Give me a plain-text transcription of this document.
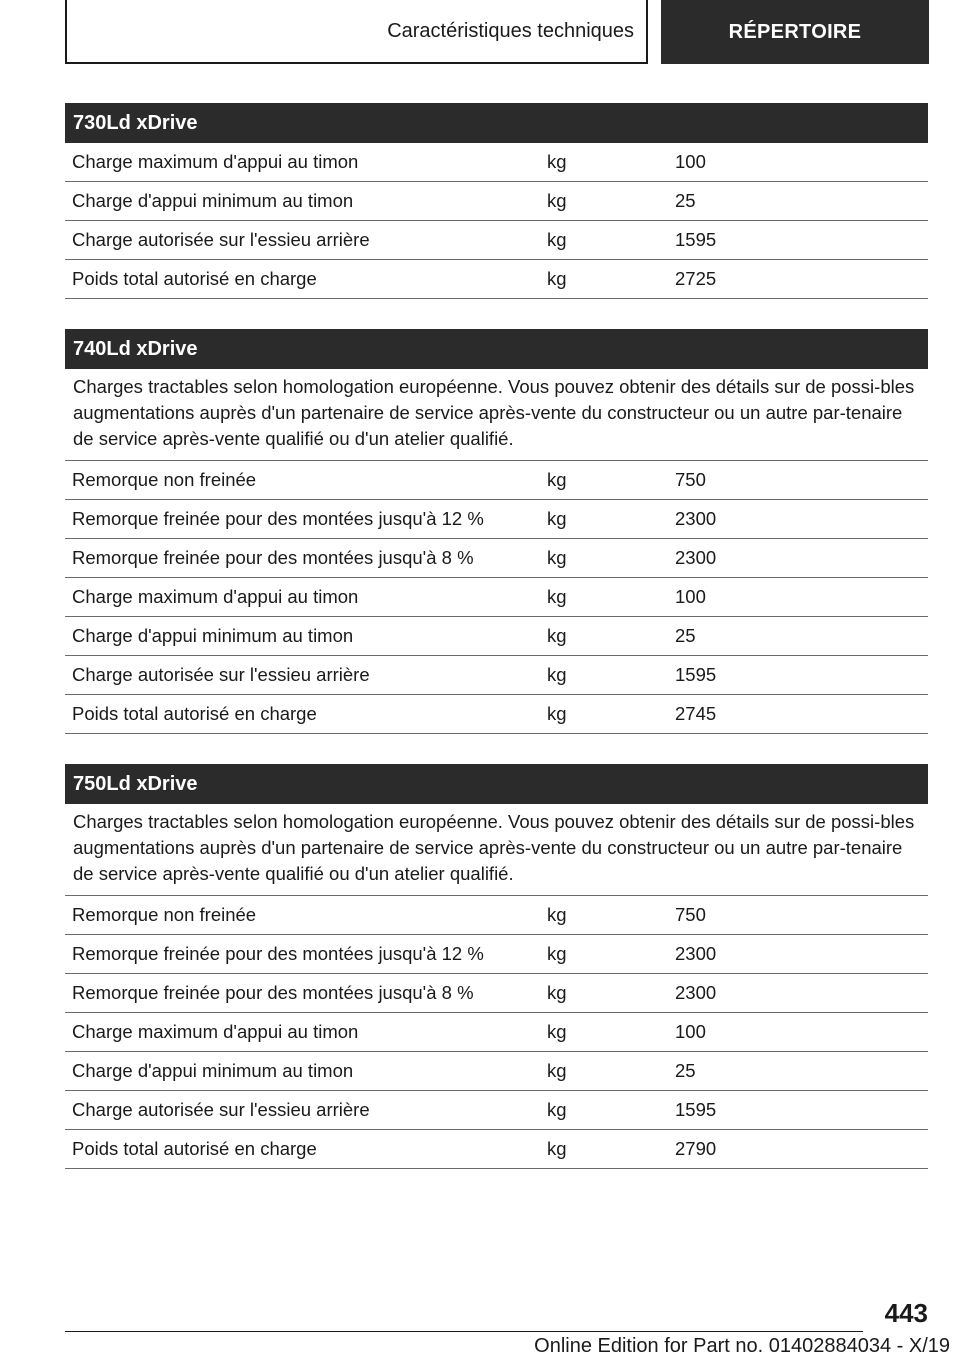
Caractéristiques techniques	RÉPERTOIRE
730Ld xDrive
Charge maximum d'appui au timon	kg	100
Charge d'appui minimum au timon	kg	25
Charge autorisée sur l'essieu arrière	kg	1595
Poids total autorisé en charge	kg	2725
740Ld xDrive
Charges tractables selon homologation européenne. Vous pouvez obtenir des détails sur de possi-bles augmentations auprès d'un partenaire de service après-vente du constructeur ou un autre par-tenaire de service après-vente qualifié ou d'un atelier qualifié.
Remorque non freinée	kg	750
Remorque freinée pour des montées jusqu'à 12 %	kg	2300
Remorque freinée pour des montées jusqu'à 8 %	kg	2300
Charge maximum d'appui au timon	kg	100
Charge d'appui minimum au timon	kg	25
Charge autorisée sur l'essieu arrière	kg	1595
Poids total autorisé en charge	kg	2745
750Ld xDrive
Charges tractables selon homologation européenne. Vous pouvez obtenir des détails sur de possi-bles augmentations auprès d'un partenaire de service après-vente du constructeur ou un autre par-tenaire de service après-vente qualifié ou d'un atelier qualifié.
Remorque non freinée	kg	750
Remorque freinée pour des montées jusqu'à 12 %	kg	2300
Remorque freinée pour des montées jusqu'à 8 %	kg	2300
Charge maximum d'appui au timon	kg	100
Charge d'appui minimum au timon	kg	25
Charge autorisée sur l'essieu arrière	kg	1595
Poids total autorisé en charge	kg	2790
443
Online Edition for Part no. 01402884034 - X/19
